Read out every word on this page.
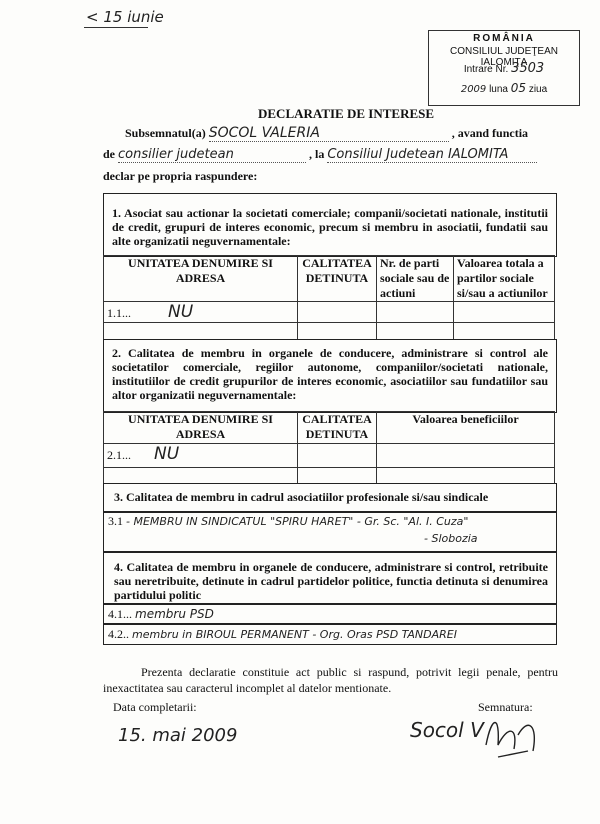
< 15 iunie
ROMÂNIA
CONSILIUL JUDEŢEAN IALOMIŢA
Intrare Nr. 3503
2009 luna 05 ziua
DECLARATIE DE INTERESE
Subsemnatul(a) SOCOL VALERIA	, avand functia
de consilier judetean	, la Consiliul Judetean IALOMITA
declar pe propria raspundere:
1. Asociat sau actionar la societati comerciale; companii/societati nationale, institutii de credit, grupuri de interes economic, precum si membru in asociatii, fundatii sau alte organizatii neguvernamentale:
UNITATEA DENUMIRE SI ADRESA	CALITATEA DETINUTA	Nr. de parti sociale sau de actiuni	Valoarea totala a partilor sociale si/sau a actiunilor
1.1... NU			

2. Calitatea de membru in organele de conducere, administrare si control ale societatilor comerciale, regiilor autonome, companiilor/societati nationale, institutiilor de credit grupurilor de interes economic, asociatiilor sau fundatiilor sau altor organizatii neguvernamentale:
UNITATEA DENUMIRE SI ADRESA	CALITATEA DETINUTA	Valoarea beneficiilor
2.1... NU		

3. Calitatea de membru in cadrul asociatiilor profesionale si/sau sindicale
3.1 - MEMBRU IN SINDICATUL "SPIRU HARET" - Gr. Sc. "Al. I. Cuza"
- Slobozia
4. Calitatea de membru in organele de conducere, administrare si control, retribuite sau neretribuite, detinute in cadrul partidelor politice, functia detinuta si denumirea partidului politic
4.1... membru PSD
4.2.. membru in BIROUL PERMANENT - Org. Oras PSD TANDAREI
Prezenta declaratie constituie act public si raspund, potrivit legii penale, pentru inexactitatea sau caracterul incomplet al datelor mentionate.
Data completarii:
15. mai 2009
Semnatura:
Socol V
